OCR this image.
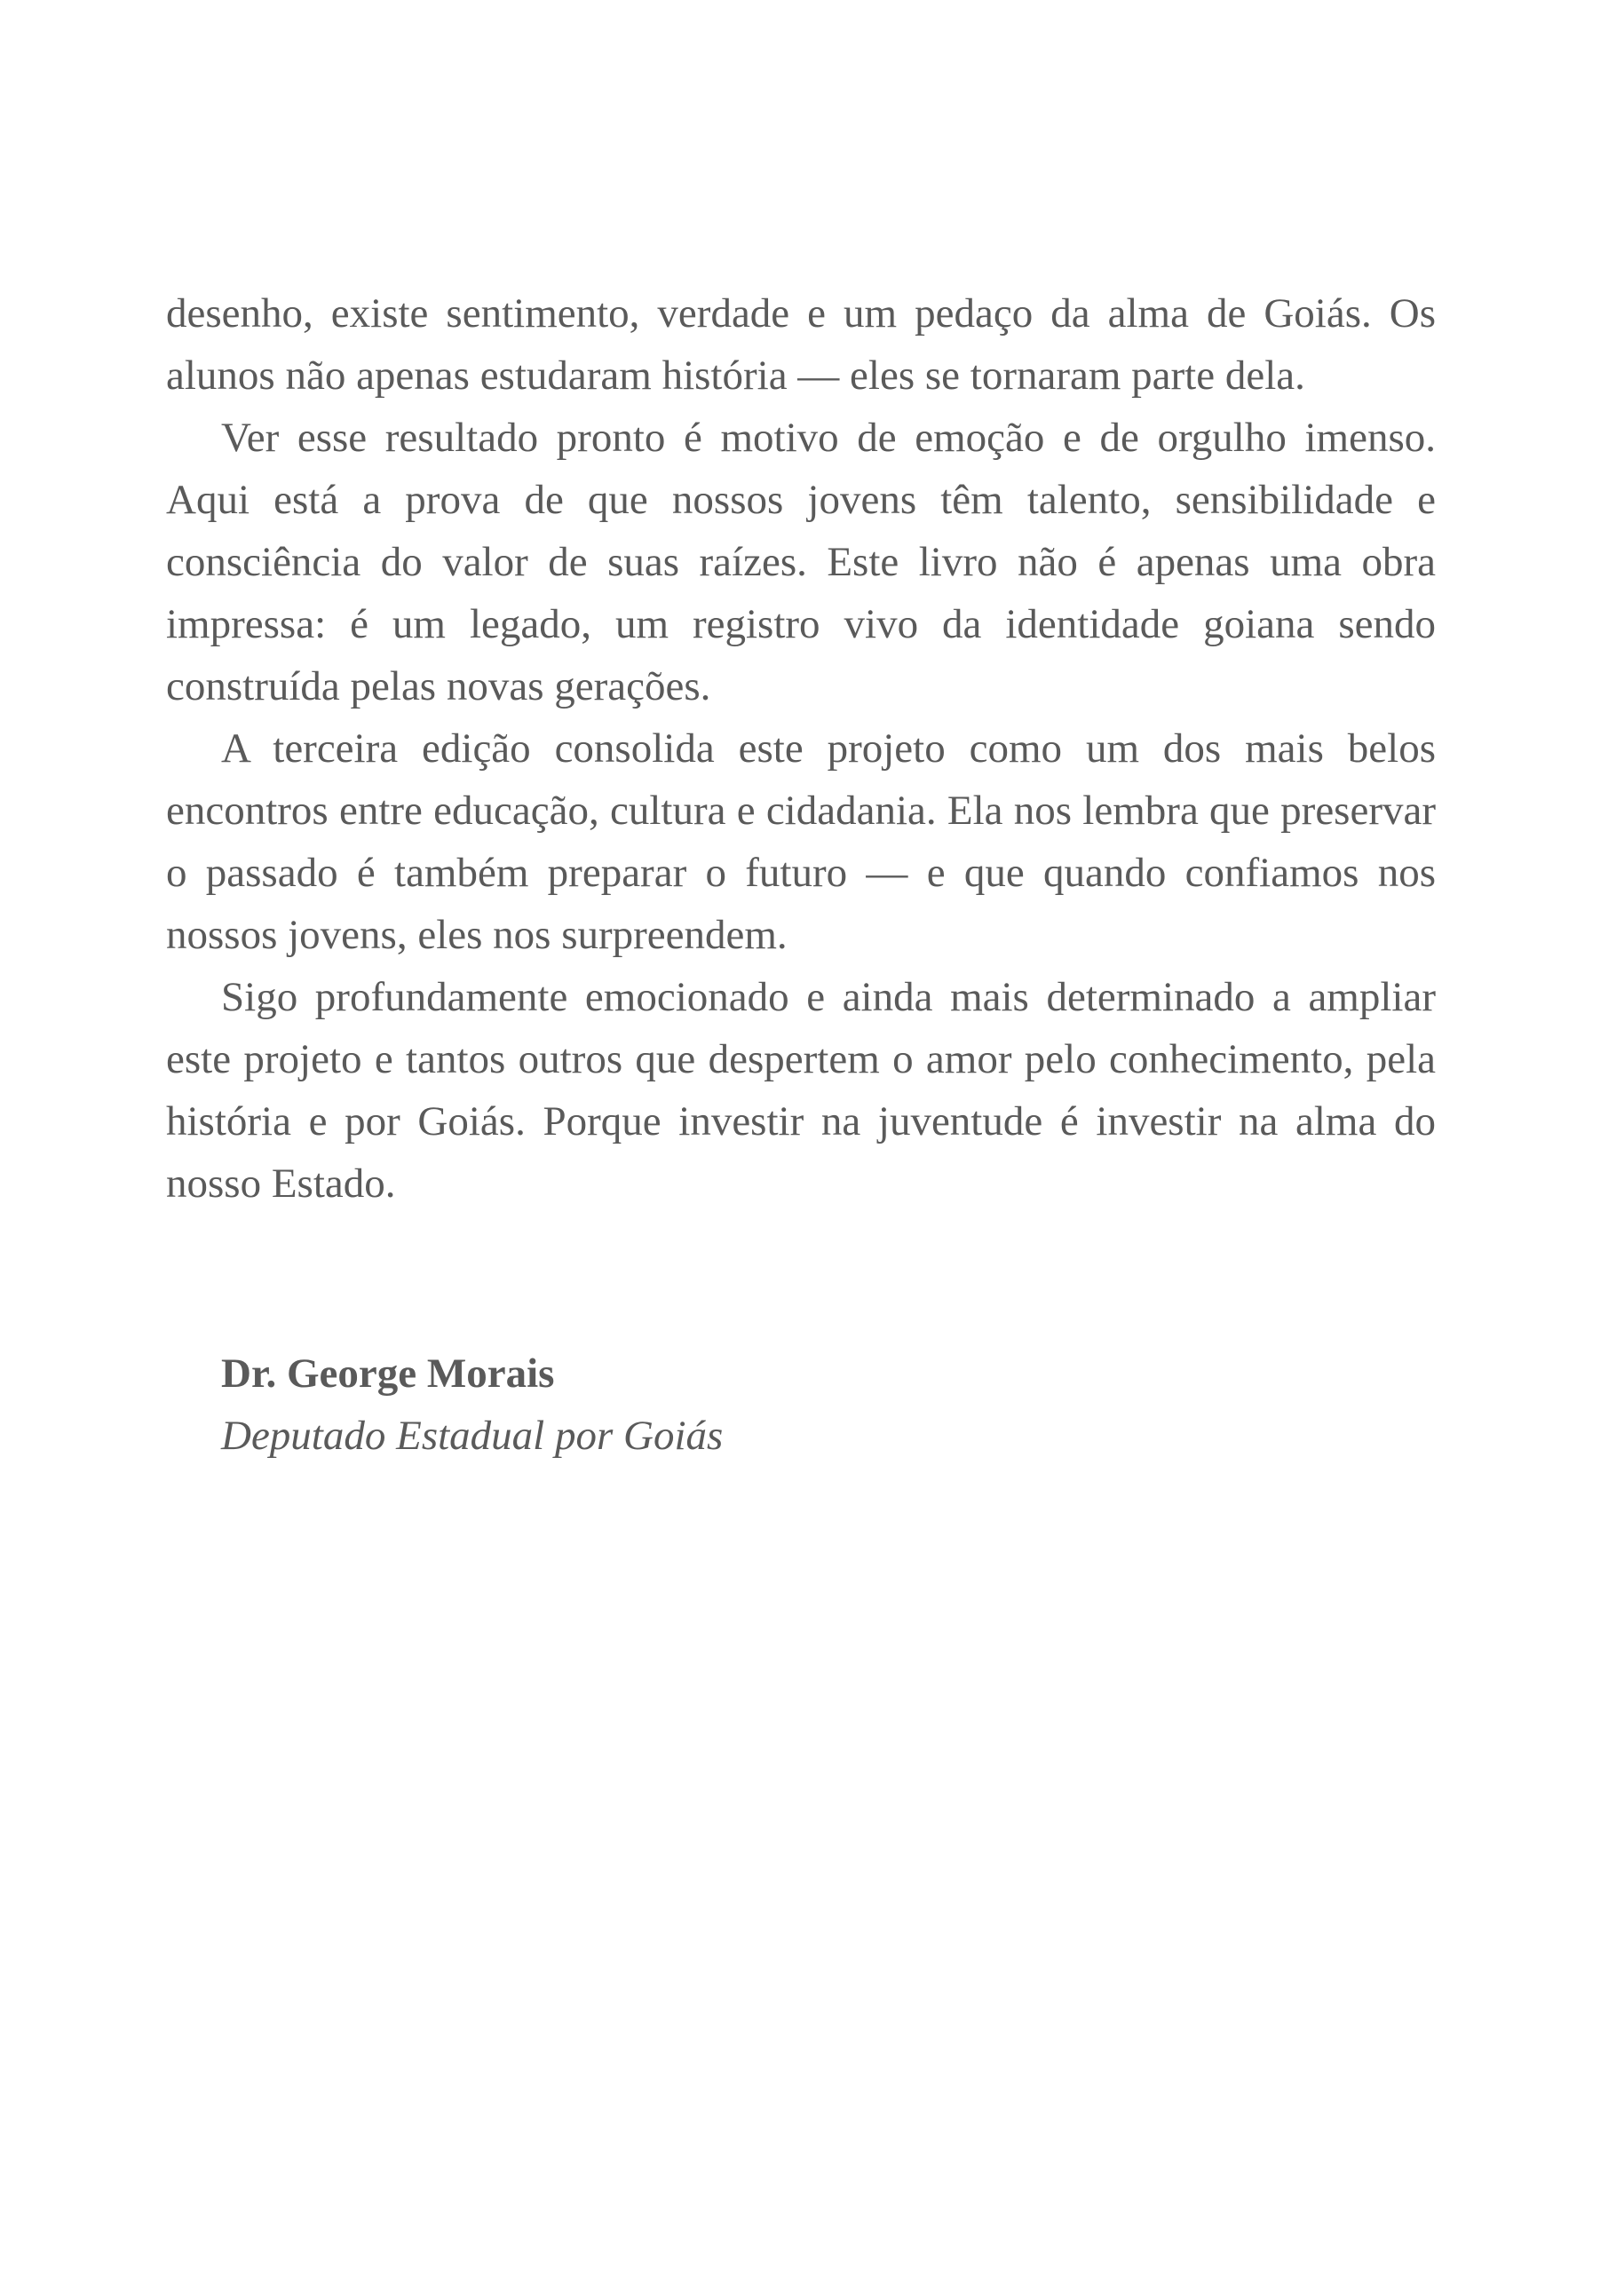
desenho, existe sentimento, verdade e um pedaço da alma de Goiás. Os alunos não apenas estudaram história — eles se tornaram parte dela.

Ver esse resultado pronto é motivo de emoção e de orgulho imenso. Aqui está a prova de que nossos jovens têm talento, sensibilidade e consciência do valor de suas raízes. Este livro não é apenas uma obra impressa: é um legado, um registro vivo da identidade goiana sendo construída pelas novas gerações.

A terceira edição consolida este projeto como um dos mais belos encontros entre educação, cultura e cidadania. Ela nos lembra que preservar o passado é também preparar o futuro — e que quando confiamos nos nossos jovens, eles nos surpreendem.

Sigo profundamente emocionado e ainda mais determinado a ampliar este projeto e tantos outros que despertem o amor pelo conhecimento, pela história e por Goiás. Porque investir na juventude é investir na alma do nosso Estado.

Dr. George Morais

Deputado Estadual por Goiás
